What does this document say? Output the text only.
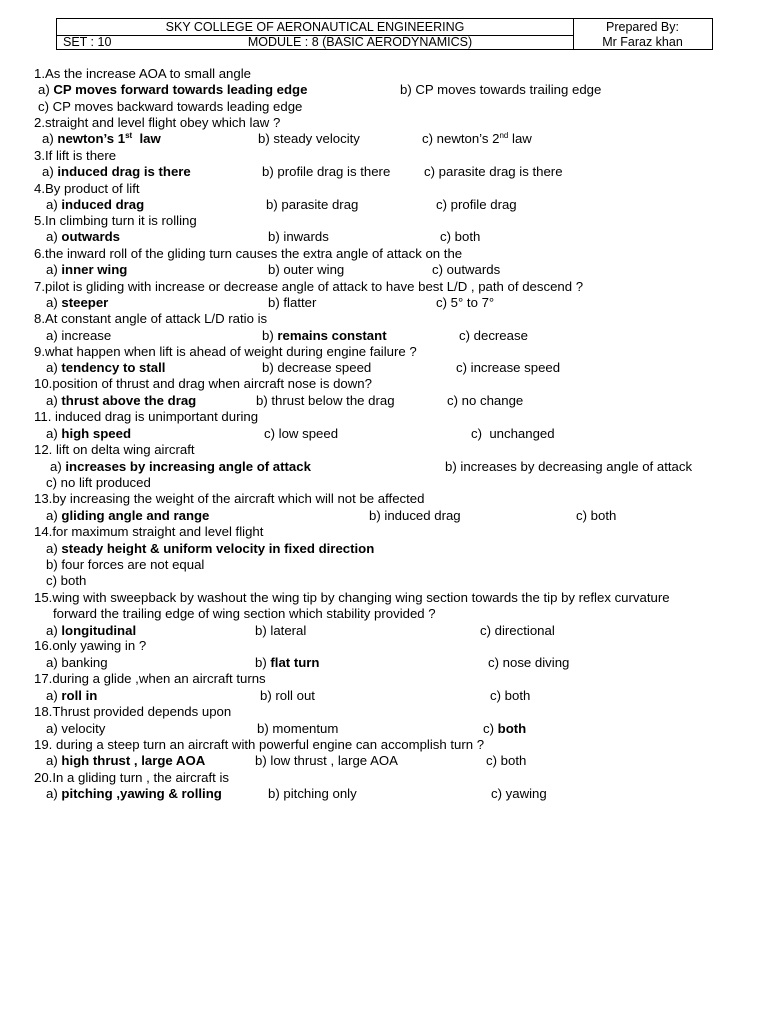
SKY COLLEGE OF AERONAUTICAL ENGINEERING
SET : 10	MODULE : 8 (BASIC AERODYNAMICS)
Prepared By:
Mr Faraz khan
1.As the increase AOA to small angle
a) CP moves forward towards leading edge	b) CP moves towards trailing edge
c) CP moves backward towards leading edge
2.straight and level flight obey which law ?
a) newton’s 1st  law	b) steady velocity	c) newton’s 2nd law
3.If lift is there
a) induced drag is there	b) profile drag is there	c) parasite drag is there
4.By product of lift
a) induced drag	b) parasite drag	c) profile drag
5.In climbing turn it is rolling
a) outwards	b) inwards	c) both
6.the inward roll of the gliding turn causes the extra angle of attack on the
a) inner wing	b) outer wing	c) outwards
7.pilot is gliding with increase or decrease angle of attack to have best L/D , path of descend ?
a) steeper	b) flatter	c) 5° to 7°
8.At constant angle of attack L/D ratio is
a) increase	b) remains constant	c) decrease
9.what happen when lift is ahead of weight during engine failure ?
a) tendency to stall	b) decrease speed	c) increase speed
10.position of thrust and drag when aircraft nose is down?
a) thrust above the drag	b) thrust below the drag	c) no change
11. induced drag is unimportant during
a) high speed	c) low speed	c)  unchanged
12. lift on delta wing aircraft
a) increases by increasing angle of attack	b) increases by decreasing angle of attack
c) no lift produced
13.by increasing the weight of the aircraft which will not be affected
a) gliding angle and range	b) induced drag	c) both
14.for maximum straight and level flight
a) steady height & uniform velocity in fixed direction
b) four forces are not equal
c) both
15.wing with sweepback by washout the wing tip by changing wing section towards the tip by reflex curvature
forward the trailing edge of wing section which stability provided ?
a) longitudinal	b) lateral	c) directional
16.only yawing in ?
a) banking	b) flat turn	c) nose diving
17.during a glide ,when an aircraft turns
a) roll in	b) roll out	c) both
18.Thrust provided depends upon
a) velocity	b) momentum	c) both
19. during a steep turn an aircraft with powerful engine can accomplish turn ?
a) high thrust , large AOA	b) low thrust , large AOA	c) both
20.In a gliding turn , the aircraft is
a) pitching ,yawing & rolling	b) pitching only	c) yawing
